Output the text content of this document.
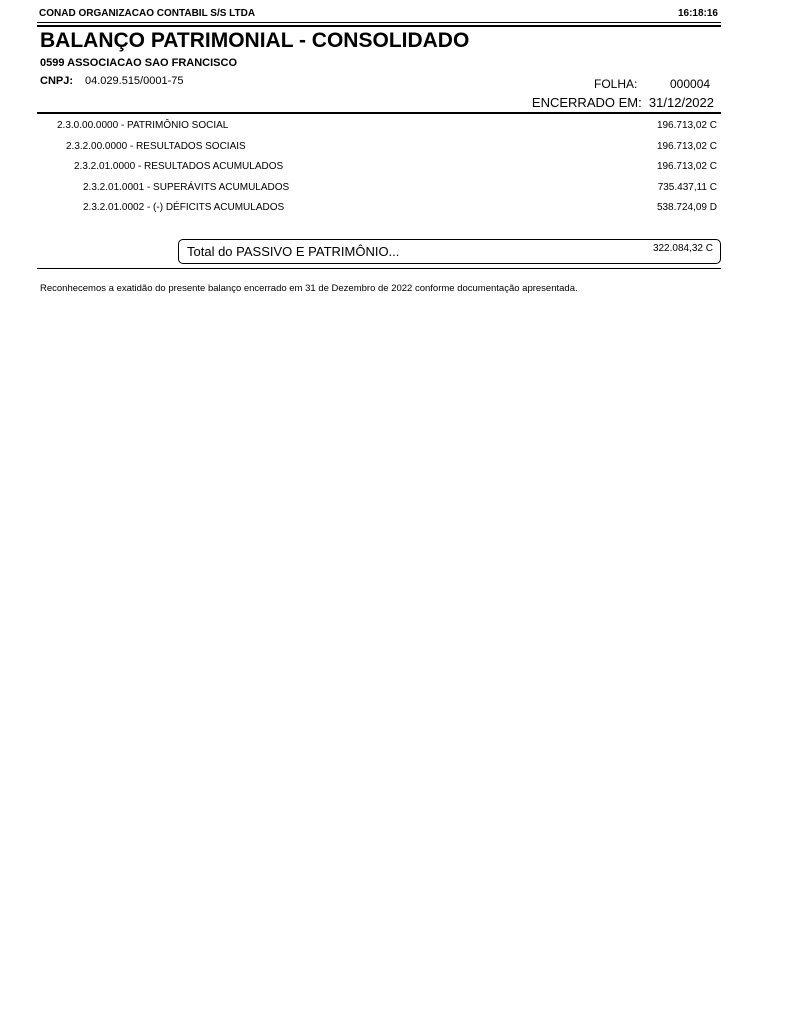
CONAD ORGANIZACAO CONTABIL S/S LTDA	16:18:16
BALANÇO PATRIMONIAL - CONSOLIDADO
0599 ASSOCIACAO SAO FRANCISCO
CNPJ: 04.029.515/0001-75	FOLHA:	000004
ENCERRADO EM:  31/12/2022
2.3.0.00.0000 - PATRIMÔNIO SOCIAL	196.713,02 C
2.3.2.00.0000 - RESULTADOS SOCIAIS	196.713,02 C
2.3.2.01.0000 - RESULTADOS ACUMULADOS	196.713,02 C
2.3.2.01.0001 - SUPERÁVITS ACUMULADOS	735.437,11 C
2.3.2.01.0002 - (-) DÉFICITS ACUMULADOS	538.724,09 D
Total do PASSIVO E PATRIMÔNIO...	322.084,32 C
Reconhecemos a exatidão do presente balanço encerrado em 31 de Dezembro de 2022 conforme documentação apresentada.
